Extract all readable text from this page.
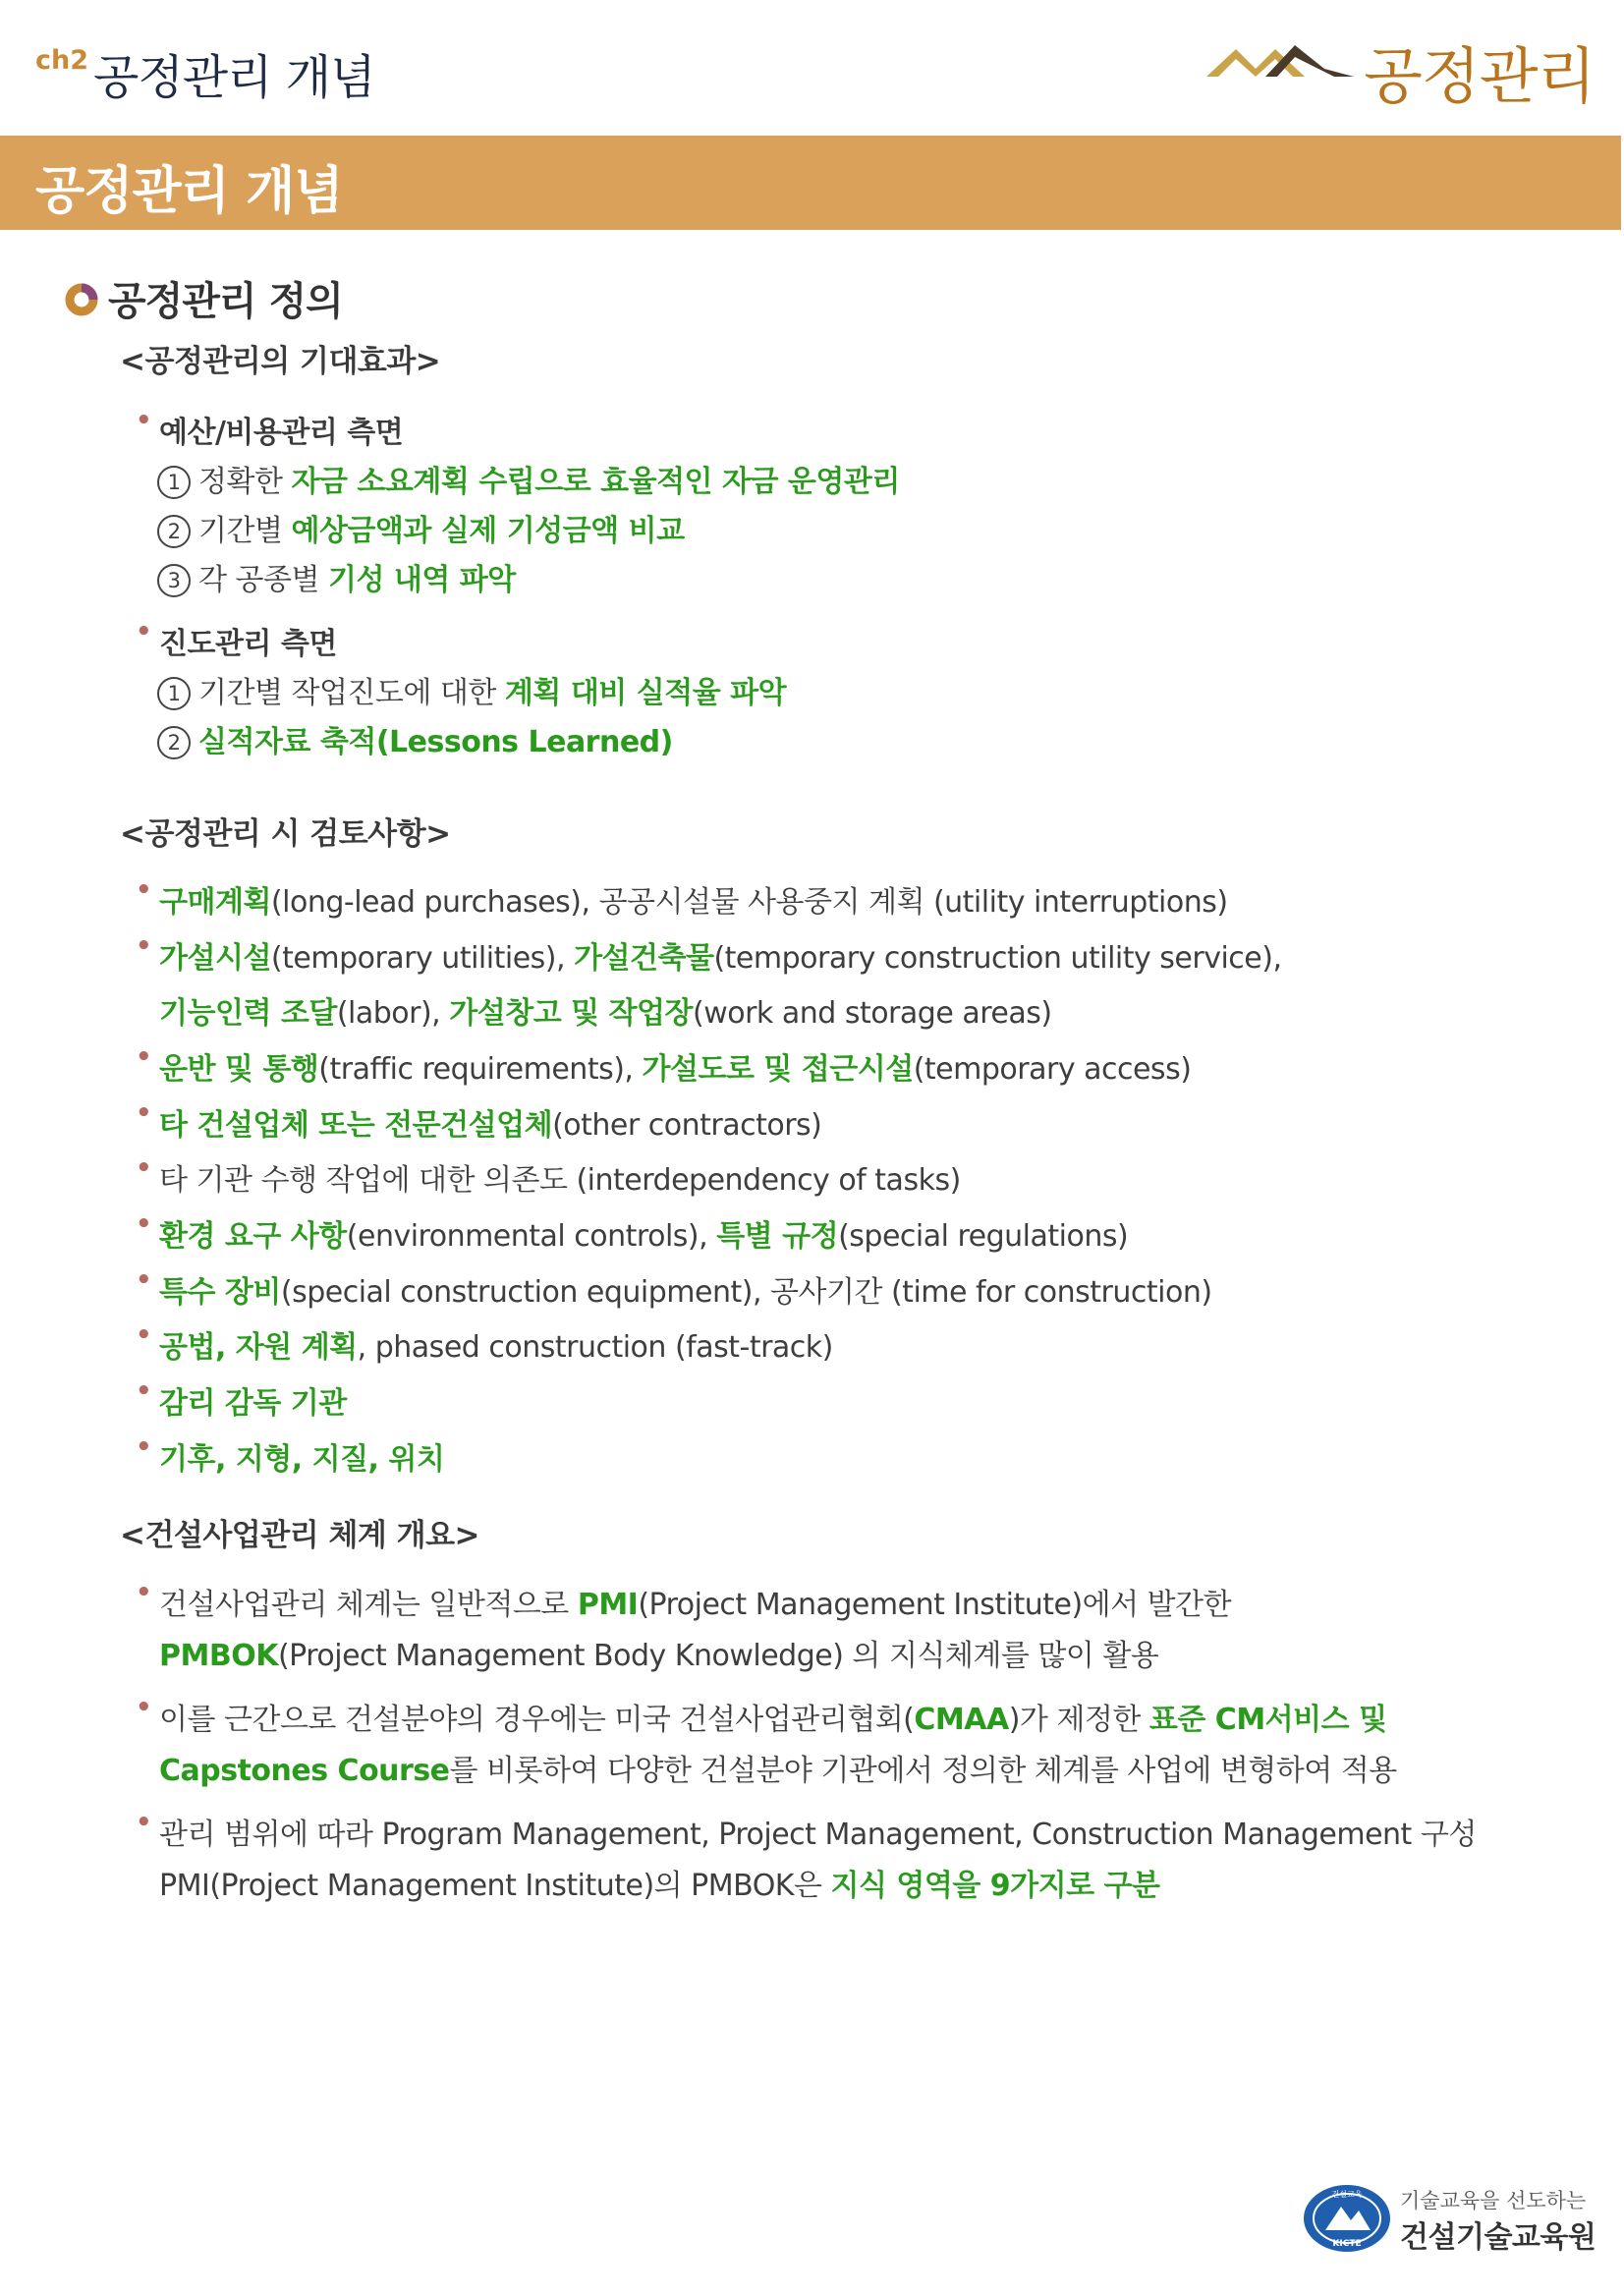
ch2 공정관리 개념	공정관리
공정관리 개념
공정관리 정의
<공정관리의 기대효과>
• 예산/비용관리 측면
1 정확한 자금 소요계획 수립으로 효율적인 자금 운영관리
2 기간별 예상금액과 실제 기성금액 비교
3 각 공종별 기성 내역 파악
• 진도관리 측면
1 기간별 작업진도에 대한 계획 대비 실적율 파악
2 실적자료 축적(Lessons Learned)
<공정관리 시 검토사항>
• 구매계획(long-lead purchases), 공공시설물 사용중지 계획 (utility interruptions)
• 가설시설(temporary utilities), 가설건축물(temporary construction utility service),
기능인력 조달(labor), 가설창고 및 작업장(work and storage areas)
• 운반 및 통행(traffic requirements), 가설도로 및 접근시설(temporary access)
• 타 건설업체 또는 전문건설업체(other contractors)
• 타 기관 수행 작업에 대한 의존도 (interdependency of tasks)
• 환경 요구 사항(environmental controls), 특별 규정(special regulations)
• 특수 장비(special construction equipment), 공사기간 (time for construction)
• 공법, 자원 계획, phased construction (fast-track)
• 감리 감독 기관
• 기후, 지형, 지질, 위치
<건설사업관리 체계 개요>
• 건설사업관리 체계는 일반적으로 PMI(Project Management Institute)에서 발간한
PMBOK(Project Management Body Knowledge) 의 지식체계를 많이 활용
• 이를 근간으로 건설분야의 경우에는 미국 건설사업관리협회(CMAA)가 제정한 표준 CM서비스 및
Capstones Course를 비롯하여 다양한 건설분야 기관에서 정의한 체계를 사업에 변형하여 적용
• 관리 범위에 따라 Program Management, Project Management, Construction Management 구성
PMI(Project Management Institute)의 PMBOK은 지식 영역을 9가지로 구분
건설교육
KICTE
기술교육을 선도하는
건설기술교육원
